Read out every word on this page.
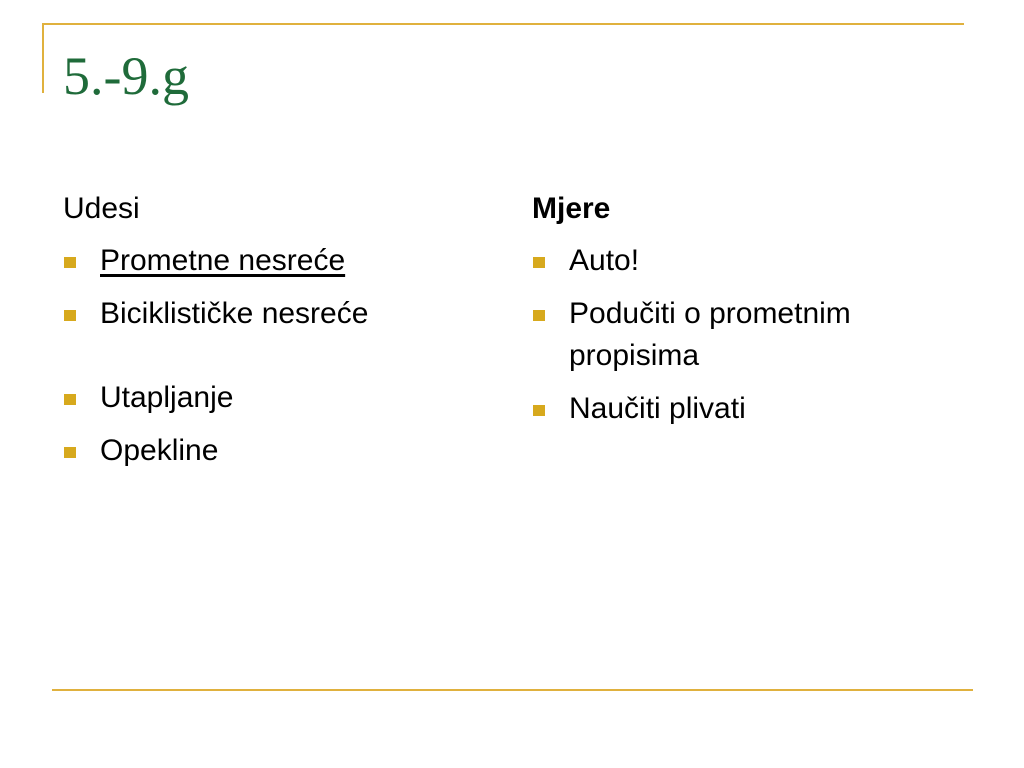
5.-9.g
Udesi
Prometne nesreće
Biciklističke nesreće
Utapljanje
Opekline
Mjere
Auto!
Podučiti o prometnim propisima
Naučiti plivati
